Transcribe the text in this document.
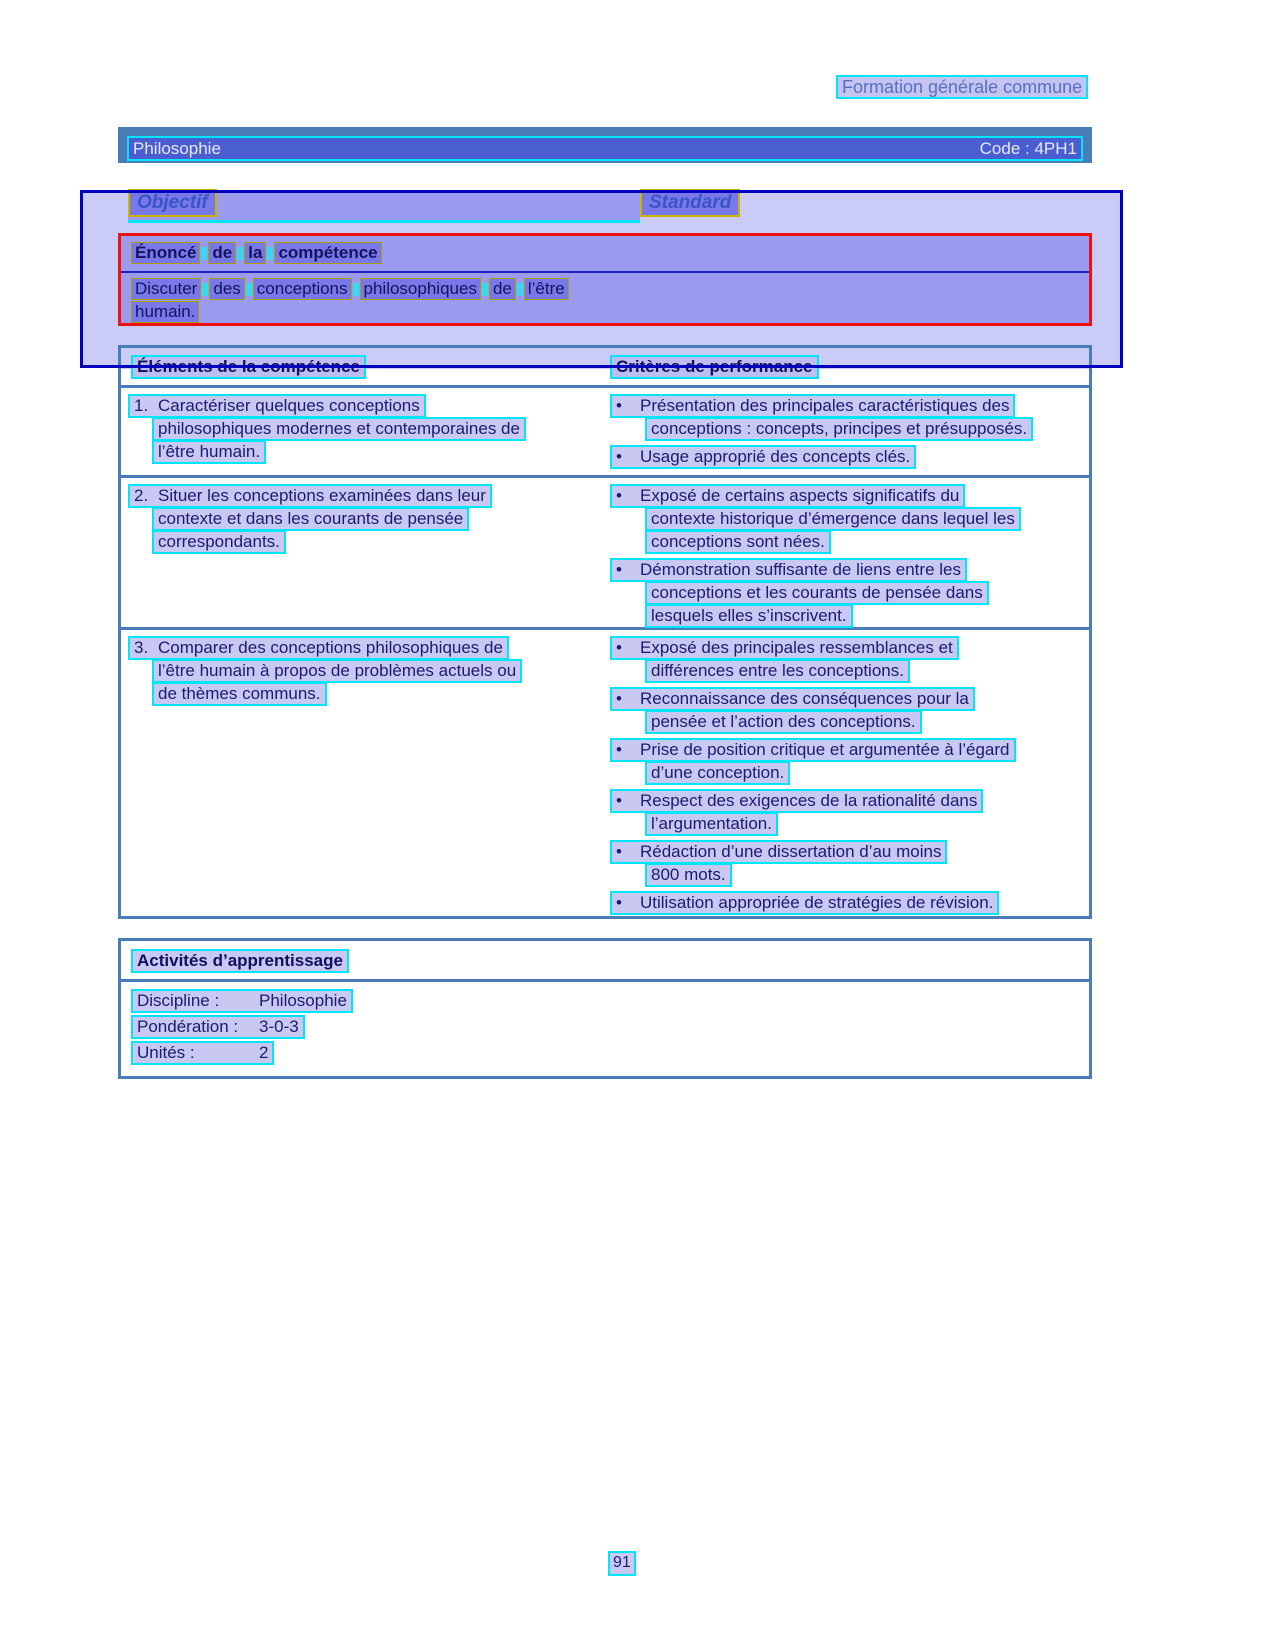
Formation générale commune
Philosophie	Code : 4PH1
Objectif	Standard
Énoncé de la compétence
Discuter des conceptions philosophiques de l’être
humain.
Éléments de la compétence	Critères de performance
1. Caractériser quelques conceptions
philosophiques modernes et contemporaines de
l’être humain.
• Présentation des principales caractéristiques des
conceptions : concepts, principes et présupposés.
• Usage approprié des concepts clés.
2. Situer les conceptions examinées dans leur
contexte et dans les courants de pensée
correspondants.
• Exposé de certains aspects significatifs du
contexte historique d’émergence dans lequel les
conceptions sont nées.
• Démonstration suffisante de liens entre les
conceptions et les courants de pensée dans
lesquels elles s’inscrivent.
3. Comparer des conceptions philosophiques de
l’être humain à propos de problèmes actuels ou
de thèmes communs.
• Exposé des principales ressemblances et
différences entre les conceptions.
• Reconnaissance des conséquences pour la
pensée et l’action des conceptions.
• Prise de position critique et argumentée à l’égard
d’une conception.
• Respect des exigences de la rationalité dans
l’argumentation.
• Rédaction d’une dissertation d’au moins
800 mots.
• Utilisation appropriée de stratégies de révision.
Activités d’apprentissage
Discipline : Philosophie
Pondération : 3-0-3
Unités :	2
91
